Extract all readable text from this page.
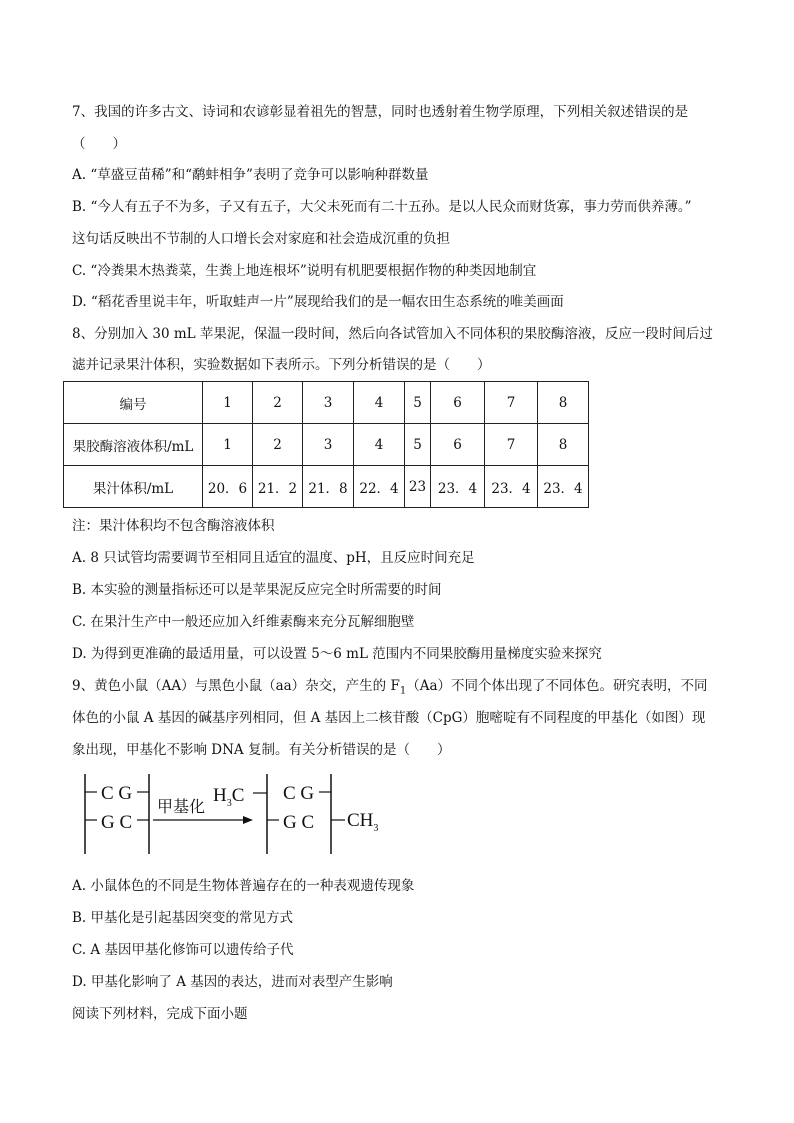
7、我国的许多古文、诗词和农谚彰显着祖先的智慧，同时也透射着生物学原理，下列相关叙述错误的是
（　　）
A. “草盛豆苗稀”和“鹬蚌相争”表明了竞争可以影响种群数量
B. “今人有五子不为多，子又有五子，大父未死而有二十五孙。是以人民众而财货寡，事力劳而供养薄。”
这句话反映出不节制的人口增长会对家庭和社会造成沉重的负担
C. “冷粪果木热粪菜，生粪上地连根坏”说明有机肥要根据作物的种类因地制宜
D. “稻花香里说丰年，听取蛙声一片”展现给我们的是一幅农田生态系统的唯美画面
8、分别加入 30 mL 苹果泥，保温一段时间，然后向各试管加入不同体积的果胶酶溶液，反应一段时间后过
滤并记录果汁体积，实验数据如下表所示。下列分析错误的是（　　）
编号	1	2	3	4	5	6	7	8
果胶酶溶液体积/mL	1	2	3	4	5	6	7	8
果汁体积/mL	20．6	21．2	21．8	22．4	23	23．4	23．4	23．4
注：果汁体积均不包含酶溶液体积
A. 8 只试管均需要调节至相同且适宜的温度、pH，且反应时间充足
B. 本实验的测量指标还可以是苹果泥反应完全时所需要的时间
C. 在果汁生产中一般还应加入纤维素酶来充分瓦解细胞壁
D. 为得到更准确的最适用量，可以设置 5～6 mL 范围内不同果胶酶用量梯度实验来探究
9、黄色小鼠（AA）与黑色小鼠（aa）杂交，产生的 $F_1(Aa)$不同个体出现了不同体色。研究表明，不同
体色的小鼠 A 基因的碱基序列相同，但 A 基因上二核苷酸（CpG）胞嘧啶有不同程度的甲基化（如图）现
象出现，甲基化不影响 DNA 复制。有关分析错误的是（　　）
C G
G C
甲基化
$H_3C$ C G
G C $CH_3$
A. 小鼠体色的不同是生物体普遍存在的一种表观遗传现象
B. 甲基化是引起基因突变的常见方式
C. A 基因甲基化修饰可以遗传给子代
D. 甲基化影响了 A 基因的表达，进而对表型产生影响
阅读下列材料，完成下面小题
